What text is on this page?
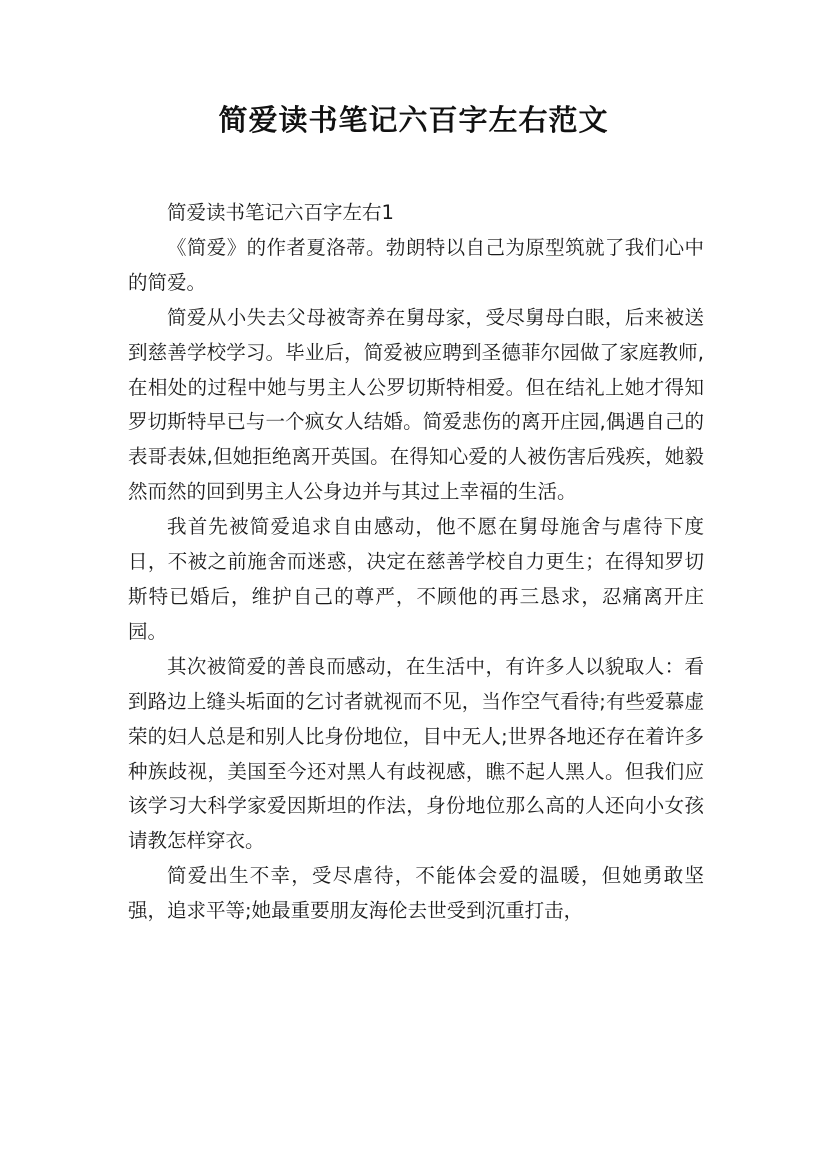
简爱读书笔记六百字左右范文

简爱读书笔记六百字左右1

《简爱》的作者夏洛蒂。勃朗特以自己为原型筑就了我们心中的简爱。

简爱从小失去父母被寄养在舅母家，受尽舅母白眼，后来被送到慈善学校学习。毕业后，简爱被应聘到圣德菲尔园做了家庭教师,在相处的过程中她与男主人公罗切斯特相爱。但在结礼上她才得知罗切斯特早已与一个疯女人结婚。简爱悲伤的离开庄园,偶遇自己的表哥表妹,但她拒绝离开英国。在得知心爱的人被伤害后残疾，她毅然而然的回到男主人公身边并与其过上幸福的生活。

我首先被简爱追求自由感动，他不愿在舅母施舍与虐待下度日，不被之前施舍而迷惑，决定在慈善学校自力更生；在得知罗切斯特已婚后，维护自己的尊严，不顾他的再三恳求，忍痛离开庄园。

其次被简爱的善良而感动，在生活中，有许多人以貌取人：看到路边上缝头垢面的乞讨者就视而不见，当作空气看待;有些爱慕虚荣的妇人总是和别人比身份地位，目中无人;世界各地还存在着许多种族歧视，美国至今还对黑人有歧视感，瞧不起人黑人。但我们应该学习大科学家爱因斯坦的作法，身份地位那么高的人还向小女孩请教怎样穿衣。

简爱出生不幸，受尽虐待，不能体会爱的温暖，但她勇敢坚强，追求平等;她最重要朋友海伦去世受到沉重打击，
